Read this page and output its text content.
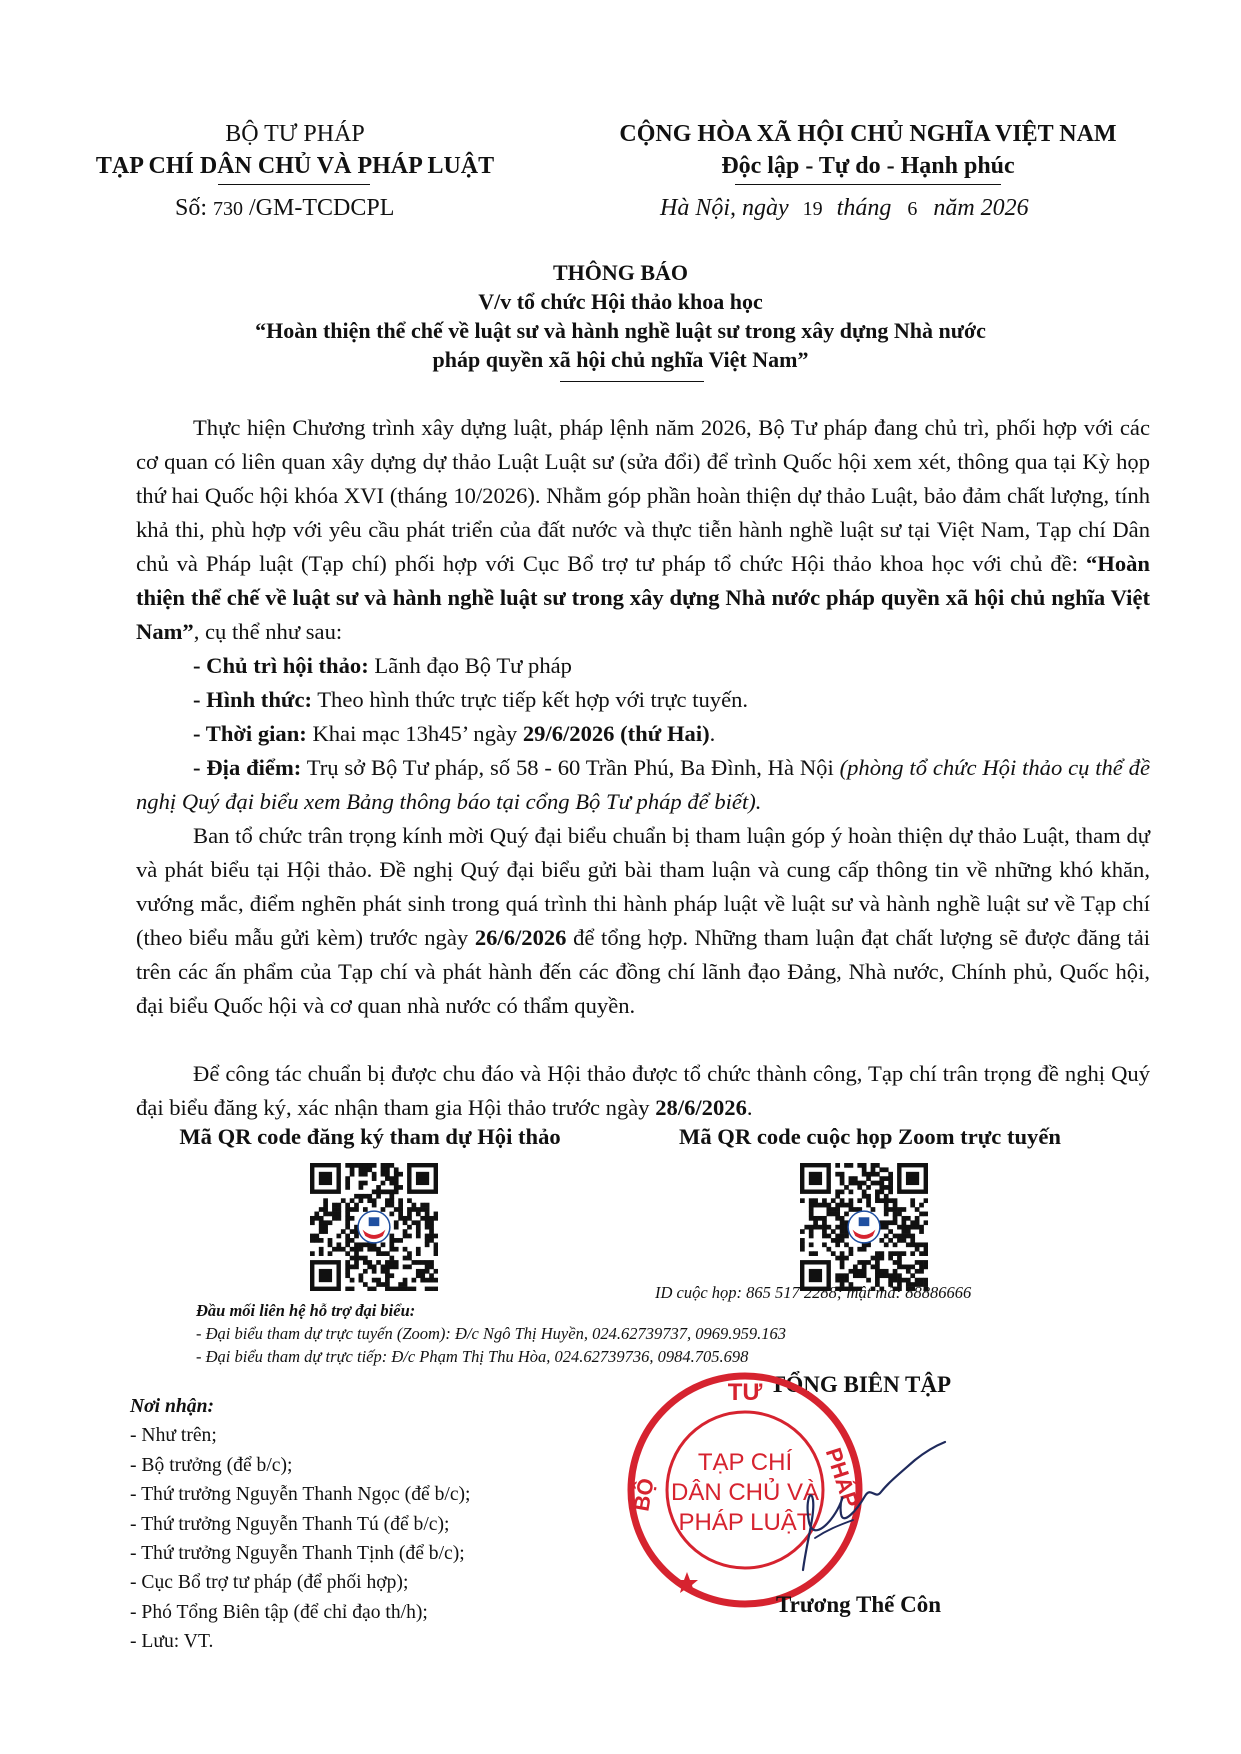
BỘ TƯ PHÁP
TẠP CHÍ DÂN CHỦ VÀ PHÁP LUẬT
Số: 730 /GM-TCDCPL
CỘNG HÒA XÃ HỘI CHỦ NGHĨA VIỆT NAM
Độc lập - Tự do - Hạnh phúc
Hà Nội, ngày 19 tháng 6 năm 2026
THÔNG BÁO
V/v tổ chức Hội thảo khoa học
“Hoàn thiện thể chế về luật sư và hành nghề luật sư trong xây dựng Nhà nước
pháp quyền xã hội chủ nghĩa Việt Nam”
Thực hiện Chương trình xây dựng luật, pháp lệnh năm 2026, Bộ Tư pháp đang chủ trì, phối hợp với các cơ quan có liên quan xây dựng dự thảo Luật Luật sư (sửa đổi) để trình Quốc hội xem xét, thông qua tại Kỳ họp thứ hai Quốc hội khóa XVI (tháng 10/2026). Nhằm góp phần hoàn thiện dự thảo Luật, bảo đảm chất lượng, tính khả thi, phù hợp với yêu cầu phát triển của đất nước và thực tiễn hành nghề luật sư tại Việt Nam, Tạp chí Dân chủ và Pháp luật (Tạp chí) phối hợp với Cục Bổ trợ tư pháp tổ chức Hội thảo khoa học với chủ đề: “Hoàn thiện thể chế về luật sư và hành nghề luật sư trong xây dựng Nhà nước pháp quyền xã hội chủ nghĩa Việt Nam”, cụ thể như sau:
- Chủ trì hội thảo: Lãnh đạo Bộ Tư pháp
- Hình thức: Theo hình thức trực tiếp kết hợp với trực tuyến.
- Thời gian: Khai mạc 13h45’ ngày 29/6/2026 (thứ Hai).
- Địa điểm: Trụ sở Bộ Tư pháp, số 58 - 60 Trần Phú, Ba Đình, Hà Nội (phòng tổ chức Hội thảo cụ thể đề nghị Quý đại biểu xem Bảng thông báo tại cổng Bộ Tư pháp để biết).
Ban tổ chức trân trọng kính mời Quý đại biểu chuẩn bị tham luận góp ý hoàn thiện dự thảo Luật, tham dự và phát biểu tại Hội thảo. Đề nghị Quý đại biểu gửi bài tham luận và cung cấp thông tin về những khó khăn, vướng mắc, điểm nghẽn phát sinh trong quá trình thi hành pháp luật về luật sư và hành nghề luật sư về Tạp chí (theo biểu mẫu gửi kèm) trước ngày 26/6/2026 để tổng hợp. Những tham luận đạt chất lượng sẽ được đăng tải trên các ấn phẩm của Tạp chí và phát hành đến các đồng chí lãnh đạo Đảng, Nhà nước, Chính phủ, Quốc hội, đại biểu Quốc hội và cơ quan nhà nước có thẩm quyền.
Để công tác chuẩn bị được chu đáo và Hội thảo được tổ chức thành công, Tạp chí trân trọng đề nghị Quý đại biểu đăng ký, xác nhận tham gia Hội thảo trước ngày 28/6/2026.
Mã QR code đăng ký tham dự Hội thảo	Mã QR code cuộc họp Zoom trực tuyến
ID cuộc họp: 865 517 2288; mật mã: 88886666
Đầu mối liên hệ hỗ trợ đại biểu:
- Đại biểu tham dự trực tuyến (Zoom): Đ/c Ngô Thị Huyền, 024.62739737, 0969.959.163
- Đại biểu tham dự trực tiếp: Đ/c Phạm Thị Thu Hòa, 024.62739736, 0984.705.698
Nơi nhận:
- Như trên;
- Bộ trưởng (để b/c);
- Thứ trưởng Nguyễn Thanh Ngọc (để b/c);
- Thứ trưởng Nguyễn Thanh Tú (để b/c);
- Thứ trưởng Nguyễn Thanh Tịnh (để b/c);
- Cục Bổ trợ tư pháp (để phối hợp);
- Phó Tổng Biên tập (để chỉ đạo th/h);
- Lưu: VT.
TỔNG BIÊN TẬP
TƯ
BỘ	PHÁP
TẠP CHÍ
DÂN CHỦ VÀ
PHÁP LUẬT
Trương Thế Côn
